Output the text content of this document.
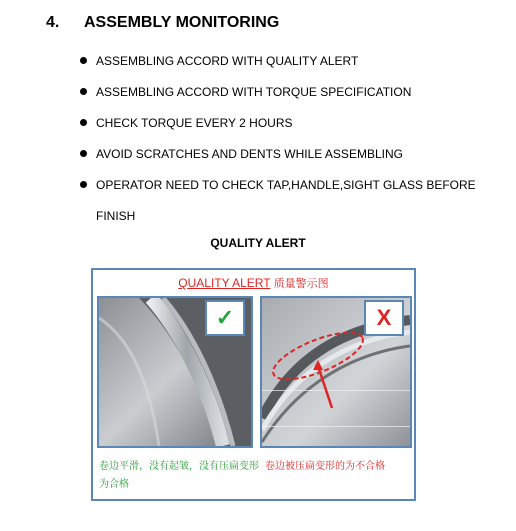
4. ASSEMBLY MONITORING
ASSEMBLING ACCORD WITH QUALITY ALERT
ASSEMBLING ACCORD WITH TORQUE SPECIFICATION
CHECK TORQUE EVERY 2 HOURS
AVOID SCRATCHES AND DENTS WHILE ASSEMBLING
OPERATOR NEED TO CHECK TAP,HANDLE,SIGHT GLASS BEFORE
FINISH
QUALITY ALERT
QUALITY ALERT 质量警示图
✓	X
卷边平滑，没有起皱，没有压扁变形为合格
卷边被压扁变形的为不合格
